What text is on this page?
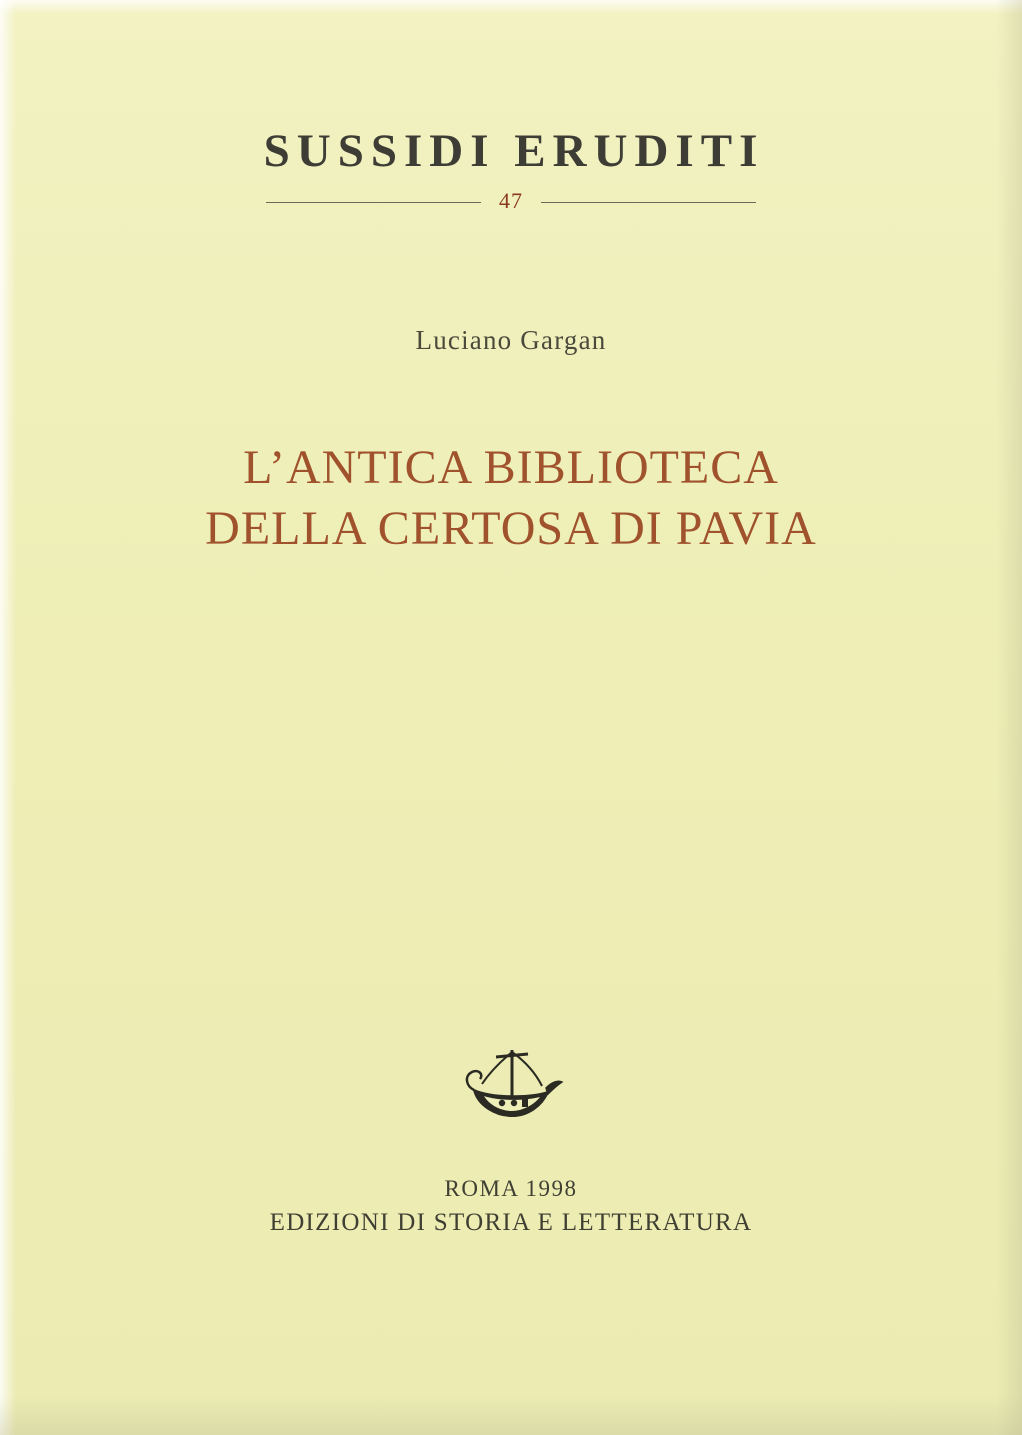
SUSSIDI ERUDITI
47
Luciano Gargan
L’ANTICA BIBLIOTECA
DELLA CERTOSA DI PAVIA
ROMA 1998
EDIZIONI DI STORIA E LETTERATURA
